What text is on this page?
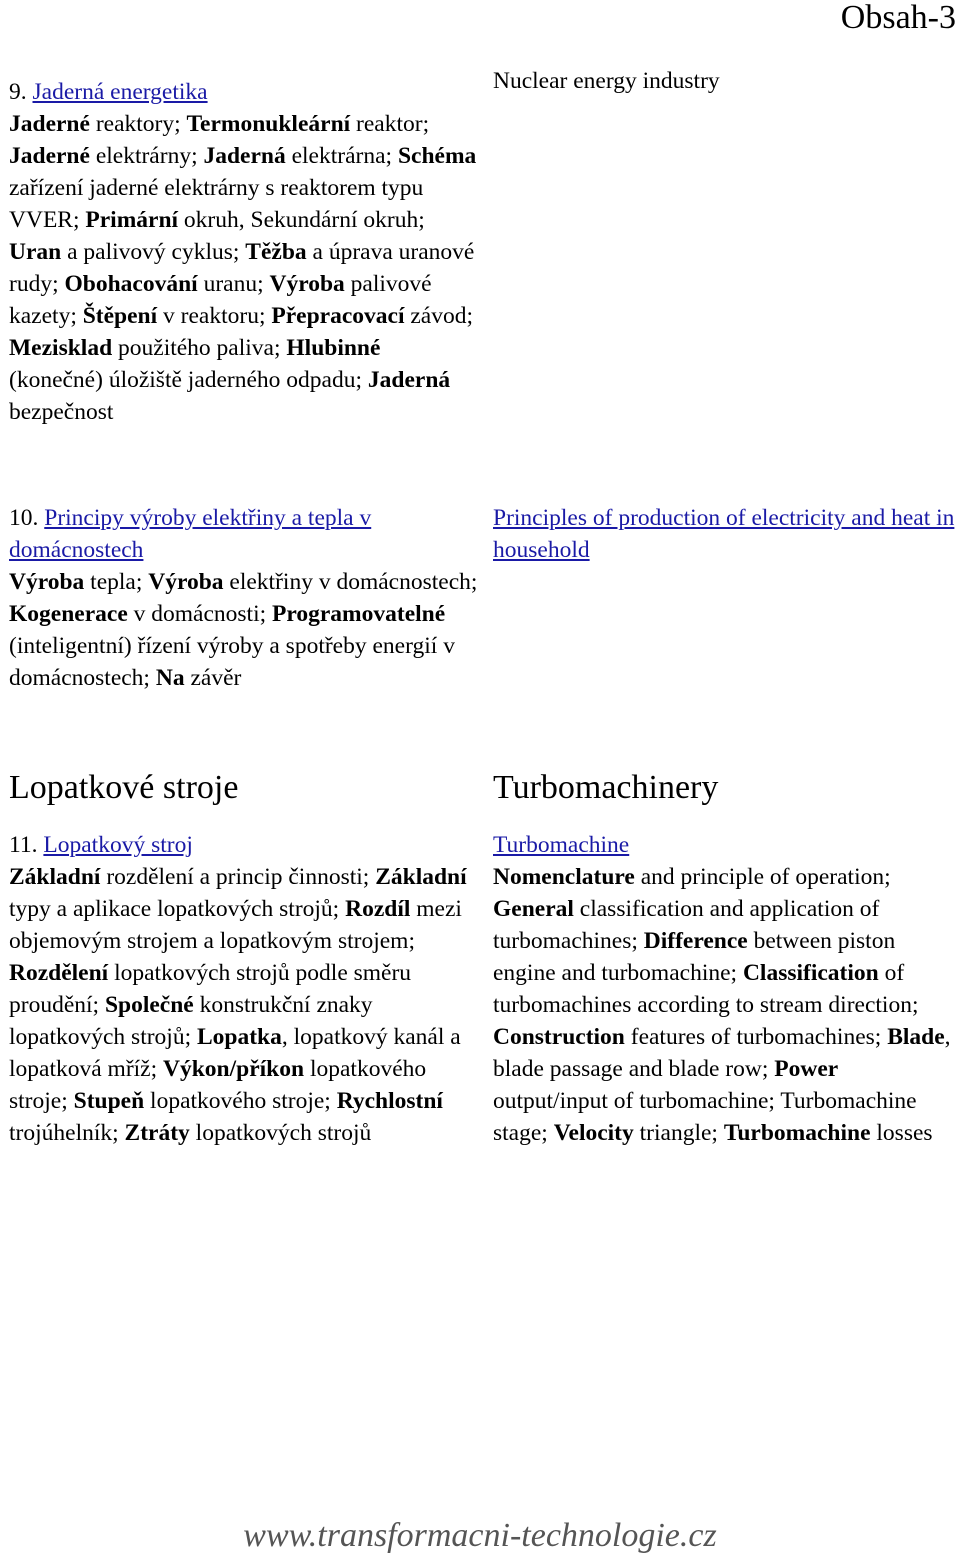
Obsah-3

9. Jaderná energetika
Jaderné reaktory; Termonukleární reaktor; Jaderné elektrárny; Jaderná elektrárna; Schéma zařízení jaderné elektrárny s reaktorem typu VVER; Primární okruh, Sekundární okruh; Uran a palivový cyklus; Těžba a úprava uranové rudy; Obohacování uranu; Výroba palivové kazety; Štěpení v reaktoru; Přepracovací závod; Mezisklad použitého paliva; Hlubinné (konečné) úložiště jaderného odpadu; Jaderná bezpečnost

Nuclear energy industry

10. Principy výroby elektřiny a tepla v domácnostech
Výroba tepla; Výroba elektřiny v domácnostech; Kogenerace v domácnosti; Programovatelné (inteligentní) řízení výroby a spotřeby energií v domácnostech; Na závěr

Principles of production of electricity and heat in household

Lopatkové stroje	Turbomachinery

11. Lopatkový stroj
Základní rozdělení a princip činnosti; Základní typy a aplikace lopatkových strojů; Rozdíl mezi objemovým strojem a lopatkovým strojem; Rozdělení lopatkových strojů podle směru proudění; Společné konstrukční znaky lopatkových strojů; Lopatka, lopatkový kanál a lopatková mříž; Výkon/příkon lopatkového stroje; Stupeň lopatkového stroje; Rychlostní trojúhelník; Ztráty lopatkových strojů

Turbomachine
Nomenclature and principle of operation; General classification and application of turbomachines; Difference between piston engine and turbomachine; Classification of turbomachines according to stream direction; Construction features of turbomachines; Blade, blade passage and blade row; Power output/input of turbomachine; Turbomachine stage; Velocity triangle; Turbomachine losses

www.transformacni-technologie.cz
